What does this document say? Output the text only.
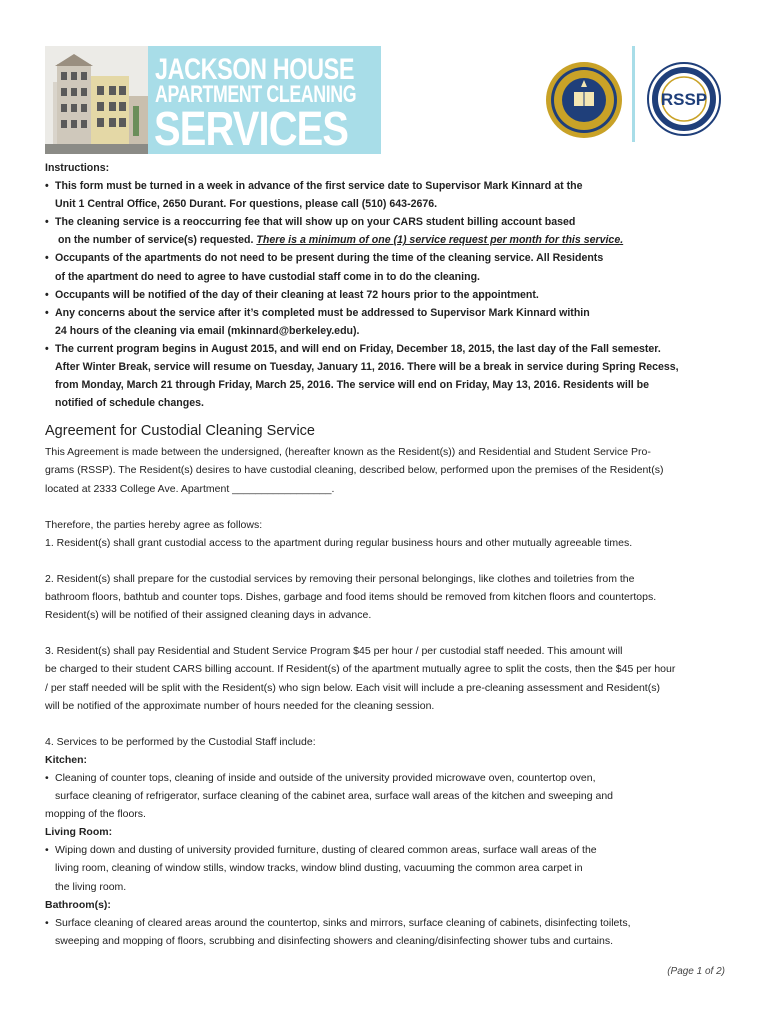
JACKSON HOUSE
APARTMENT CLEANING
SERVICES
RSSP
Instructions:
• This form must be turned in a week in advance of the first service date to Supervisor Mark Kinnard at the
Unit 1 Central Office, 2650 Durant. For questions, please call (510) 643-2676.
• The cleaning service is a reoccurring fee that will show up on your CARS student billing account based
on the number of service(s) requested. There is a minimum of one (1) service request per month for this service.
• Occupants of the apartments do not need to be present during the time of the cleaning service. All Residents
of the apartment do need to agree to have custodial staff come in to do the cleaning.
• Occupants will be notified of the day of their cleaning at least 72 hours prior to the appointment.
• Any concerns about the service after it’s completed must be addressed to Supervisor Mark Kinnard within
24 hours of the cleaning via email (mkinnard@berkeley.edu).
• The current program begins in August 2015, and will end on Friday, December 18, 2015, the last day of the Fall semester.
After Winter Break, service will resume on Tuesday, January 11, 2016. There will be a break in service during Spring Recess,
from Monday, March 21 through Friday, March 25, 2016. The service will end on Friday, May 13, 2016. Residents will be
notified of schedule changes.
Agreement for Custodial Cleaning Service

This Agreement is made between the undersigned, (hereafter known as the Resident(s)) and Residential and Student Service Pro-
grams (RSSP). The Resident(s) desires to have custodial cleaning, described below, performed upon the premises of the Resident(s)
located at 2333 College Ave. Apartment _________________.

Therefore, the parties hereby agree as follows:

1. Resident(s) shall grant custodial access to the apartment during regular business hours and other mutually agreeable times.

2. Resident(s) shall prepare for the custodial services by removing their personal belongings, like clothes and toiletries from the
bathroom floors, bathtub and counter tops. Dishes, garbage and food items should be removed from kitchen floors and countertops.
Resident(s) will be notified of their assigned cleaning days in advance.

3. Resident(s) shall pay Residential and Student Service Program $45 per hour / per custodial staff needed. This amount will
be charged to their student CARS billing account. If Resident(s) of the apartment mutually agree to split the costs, then the $45 per hour
/ per staff needed will be split with the Resident(s) who sign below. Each visit will include a pre-cleaning assessment and Resident(s)
will be notified of the approximate number of hours needed for the cleaning session.

4. Services to be performed by the Custodial Staff include:

Kitchen:
• Cleaning of counter tops, cleaning of inside and outside of the university provided microwave oven, countertop oven,

surface cleaning of refrigerator, surface cleaning of the cabinet area, surface wall areas of the kitchen and sweeping and

mopping of the floors.

Living Room:
• Wiping down and dusting of university provided furniture, dusting of cleared common areas, surface wall areas of the
living room, cleaning of window stills, window tracks, window blind dusting, vacuuming the common area carpet in
the living room.
Bathroom(s):
• Surface cleaning of cleared areas around the countertop, sinks and mirrors, surface cleaning of cabinets, disinfecting toilets,
sweeping and mopping of floors, scrubbing and disinfecting showers and cleaning/disinfecting shower tubs and curtains.
(Page 1 of 2)
